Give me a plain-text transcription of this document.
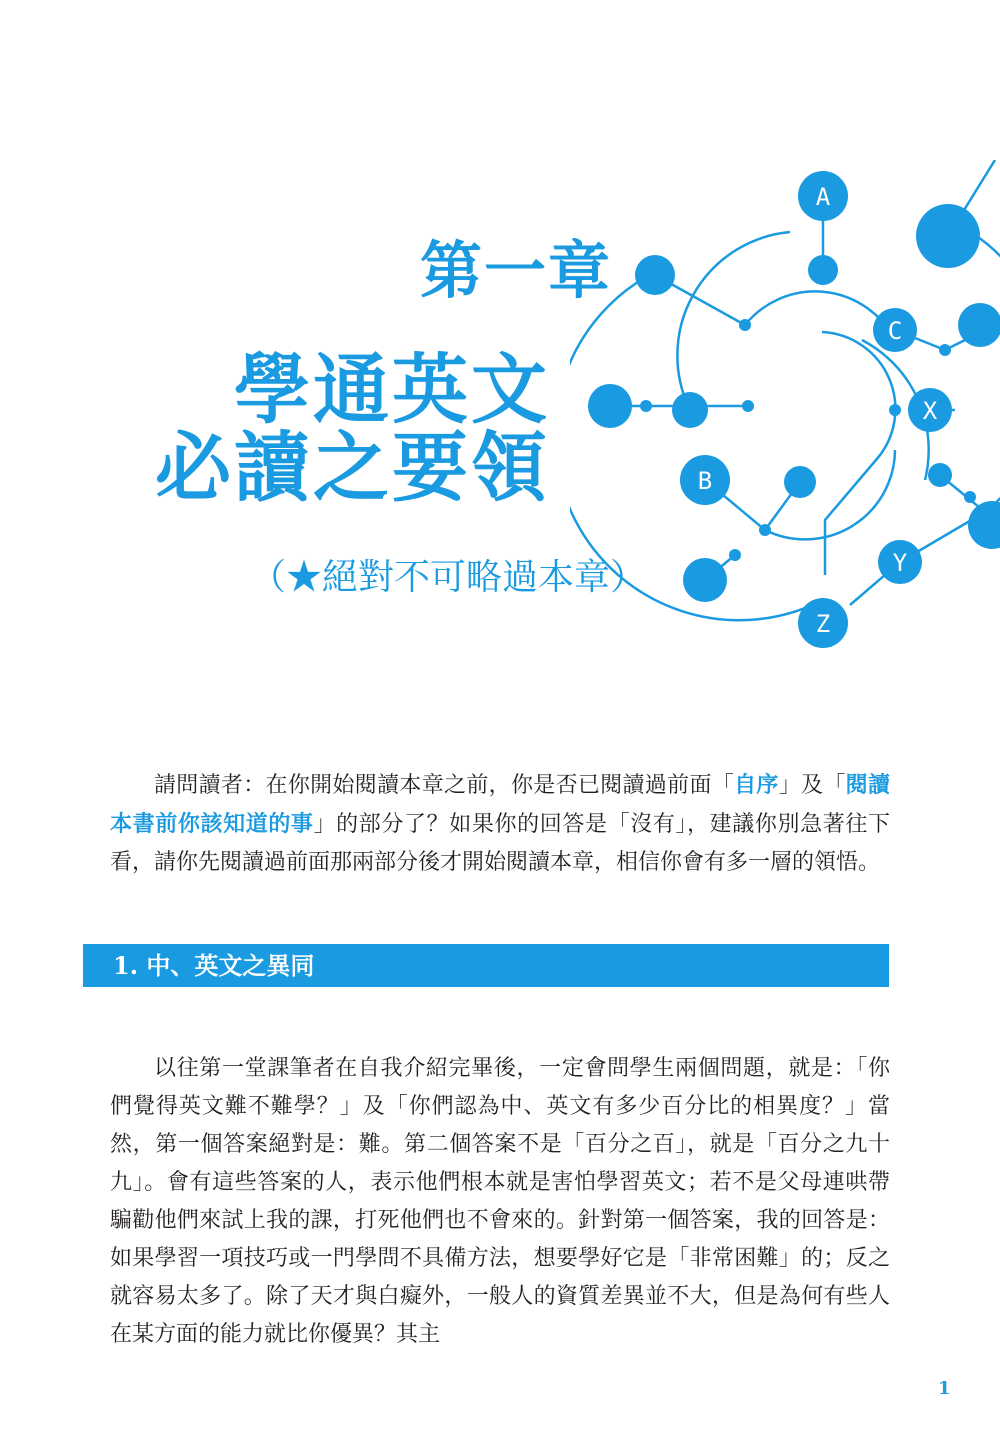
A
C
X
B
Y
Z
第一章
學通英文
必讀之要領

（★絕對不可略過本章）

請問讀者：在你開始閱讀本章之前，你是否已閱讀過前面「自序」及「閱讀本書前你該知道的事」的部分了？如果你的回答是「沒有」，建議你別急著往下看，請你先閱讀過前面那兩部分後才開始閱讀本章，相信你會有多一層的領悟。

1. 中、英文之異同

以往第一堂課筆者在自我介紹完畢後，一定會問學生兩個問題，就是：「你們覺得英文難不難學？」及「你們認為中、英文有多少百分比的相異度？」當然，第一個答案絕對是：難。第二個答案不是「百分之百」，就是「百分之九十九」。會有這些答案的人，表示他們根本就是害怕學習英文；若不是父母連哄帶騙勸他們來試上我的課，打死他們也不會來的。針對第一個答案，我的回答是：如果學習一項技巧或一門學問不具備方法，想要學好它是「非常困難」的；反之就容易太多了。除了天才與白癡外，一般人的資質差異並不大，但是為何有些人在某方面的能力就比你優異？其主

1
